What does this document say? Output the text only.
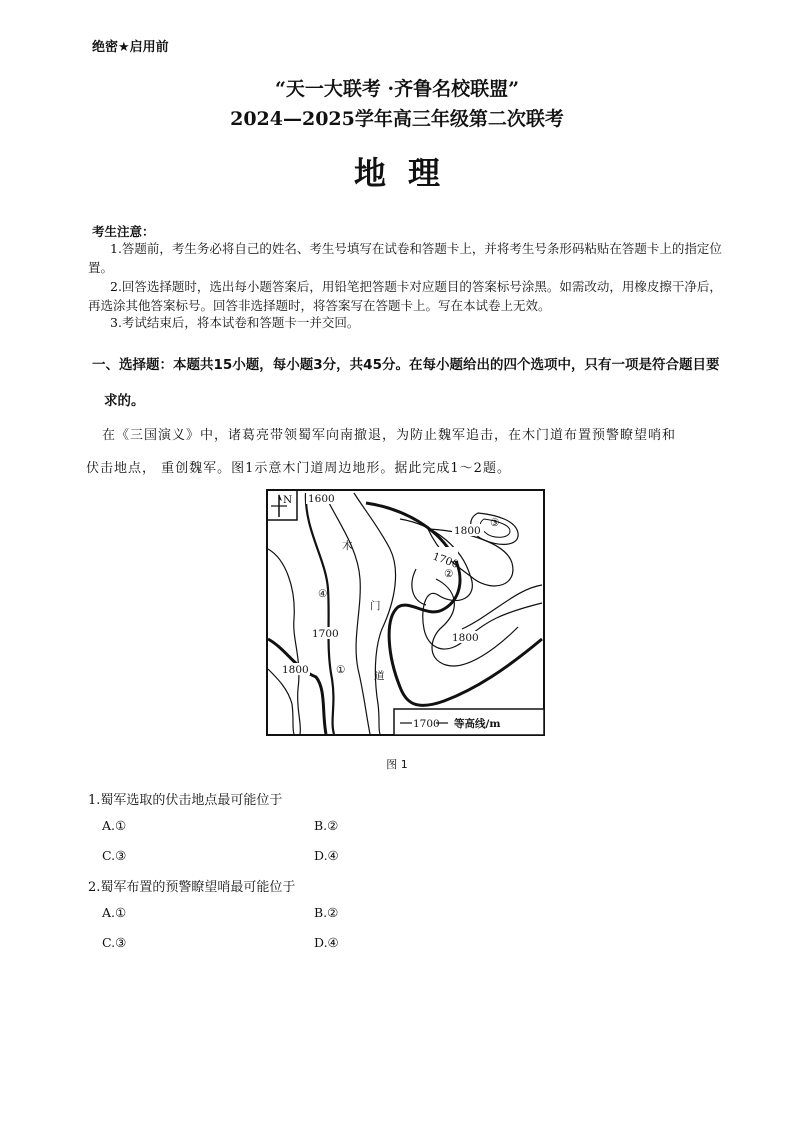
绝密★启用前
“天一大联考 ·齐鲁名校联盟”
2024—2025学年高三年级第二次联考
地理
考生注意：
1.答题前，考生务必将自己的姓名、考生号填写在试卷和答题卡上，并将考生号条形码粘贴在答题卡上的指定位置。
2.回答选择题时，选出每小题答案后，用铅笔把答题卡对应题目的答案标号涂黑。如需改动，用橡皮擦干净后，再选涂其他答案标号。回答非选择题时，将答案写在答题卡上。写在本试卷上无效。
3.考试结束后，将本试卷和答题卡一并交回。
一、选择题：本题共15小题，每小题3分，共45分。在每小题给出的四个选项中，只有一项是符合题目要
求的。
在《三国演义》中，诸葛亮带领蜀军向南撤退，为防止魏军追击，在木门道布置预警瞭望哨和
伏击地点， 重创魏军。图1示意木门道周边地形。据此完成1～2题。
N 1600
1800
1700
1800
1700
1800
木
门
道
③
②
④
①
1700 等高线/m
图 1
1.蜀军选取的伏击地点最可能位于
A.①	B.②
C.③	D.④
2.蜀军布置的预警瞭望哨最可能位于
A.①	B.②
C.③	D.④
